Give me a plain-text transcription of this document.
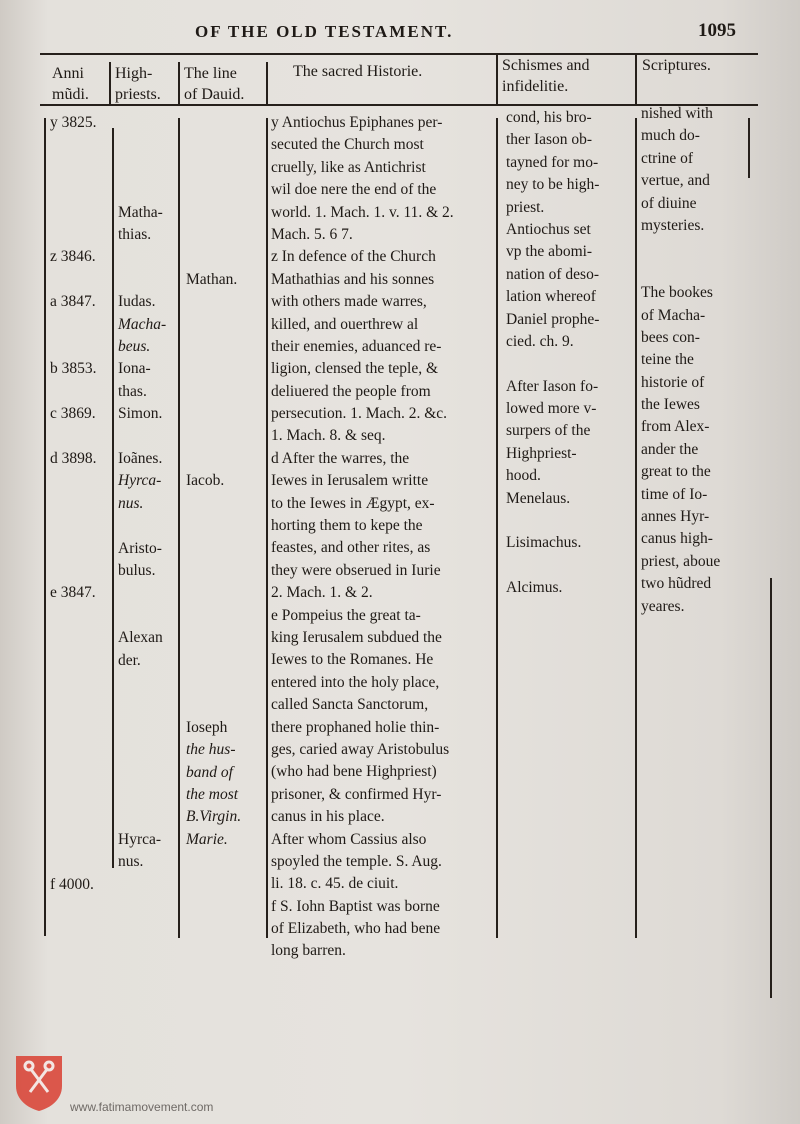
OF THE OLD TESTAMENT.	1095
Anni
mũdi.
High-
priests.
The line
of Dauid.
The sacred Historie.	Schismes and
infidelitie.
Scriptures.
y 3825.
z 3846.
a 3847.
b 3853.
c 3869.
d 3898.
e 3847.
f 4000.
Matha-
thias.
Iudas.
Macha-
beus.
Iona-
thas.
Simon.
Ioãnes.
Hyrca-
nus.
Aristo-
bulus.
Alexan
der.
Hyrca-
nus.
Mathan.
Iacob.
Ioseph
the hus-
band of
the most
B.Virgin.
Marie.
y Antiochus Epiphanes per-
secuted the Church most
cruelly, like as Antichrist
wil doe nere the end of the
world. 1. Mach. 1. v. 11. & 2.
Mach. 5. 6 7.
z In defence of the Church
Mathathias and his sonnes
with others made warres,
killed, and ouerthrew al
their enemies, aduanced re-
ligion, clensed the teple, &
deliuered the people from
persecution. 1. Mach. 2. &c.
1. Mach. 8. & seq.
d After the warres, the
Iewes in Ierusalem writte
to the Iewes in Ægypt, ex-
horting them to kepe the
feastes, and other rites, as
they were obserued in Iurie
2. Mach. 1. & 2.
e Pompeius the great ta-
king Ierusalem subdued the
Iewes to the Romanes. He
entered into the holy place,
called Sancta Sanctorum,
there prophaned holie thin-
ges, caried away Aristobulus
(who had bene Highpriest)
prisoner, & confirmed Hyr-
canus in his place.
After whom Cassius also
spoyled the temple. S. Aug.
li. 18. c. 45. de ciuit.
f S. Iohn Baptist was borne
of Elizabeth, who had bene
long barren.
cond, his bro-
ther Iason ob-
tayned for mo-
ney to be high-
priest.
Antiochus set
vp the abomi-
nation of deso-
lation whereof
Daniel prophe-
cied. ch. 9.
After Iason fo-
lowed more v-
surpers of the
Highpriest-
hood.
Menelaus.
Lisimachus.
Alcimus.
nished with
much do-
ctrine of
vertue, and
of diuine
mysteries.
The bookes
of Macha-
bees con-
teine the
historie of
the Iewes
from Alex-
ander the
great to the
time of Io-
annes Hyr-
canus high-
priest, aboue
two hũdred
yeares.
www.fatimamovement.com
